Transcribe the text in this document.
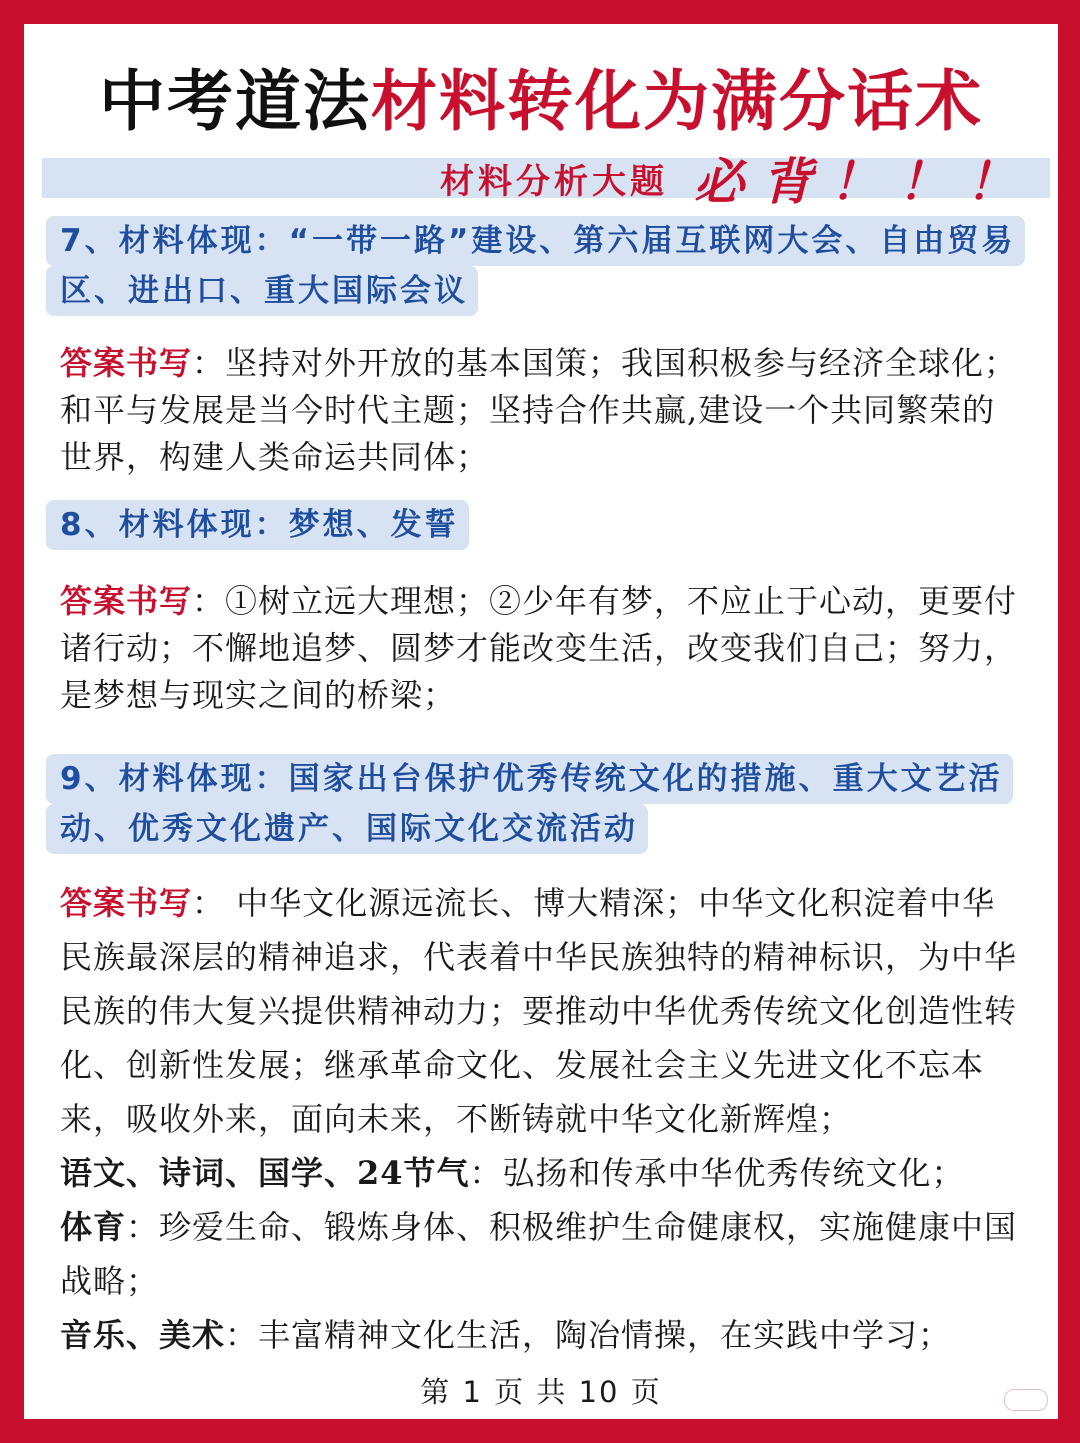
中考道法材料转化为满分话术
材料分析大题 必背！！！
7、材料体现：“一带一路”建设、第六届互联网大会、自由贸易
区、进出口、重大国际会议
答案书写：坚持对外开放的基本国策；我国积极参与经济全球化；和平与发展是当今时代主题；坚持合作共赢,建设一个共同繁荣的世界，构建人类命运共同体；
8、材料体现：梦想、发誓
答案书写：①树立远大理想；②少年有梦，不应止于心动，更要付诸行动；不懈地追梦、圆梦才能改变生活，改变我们自己；努力，是梦想与现实之间的桥梁；
9、材料体现：国家出台保护优秀传统文化的措施、重大文艺活
动、优秀文化遗产、国际文化交流活动
答案书写： 中华文化源远流长、博大精深；中华文化积淀着中华民族最深层的精神追求，代表着中华民族独特的精神标识，为中华民族的伟大复兴提供精神动力；要推动中华优秀传统文化创造性转化、创新性发展；继承革命文化、发展社会主义先进文化不忘本来，吸收外来，面向未来，不断铸就中华文化新辉煌；
语文、诗词、国学、24节气：弘扬和传承中华优秀传统文化；
体育：珍爱生命、锻炼身体、积极维护生命健康权，实施健康中国战略；
音乐、美术：丰富精神文化生活，陶冶情操，在实践中学习；
第 1 页 共 10 页
